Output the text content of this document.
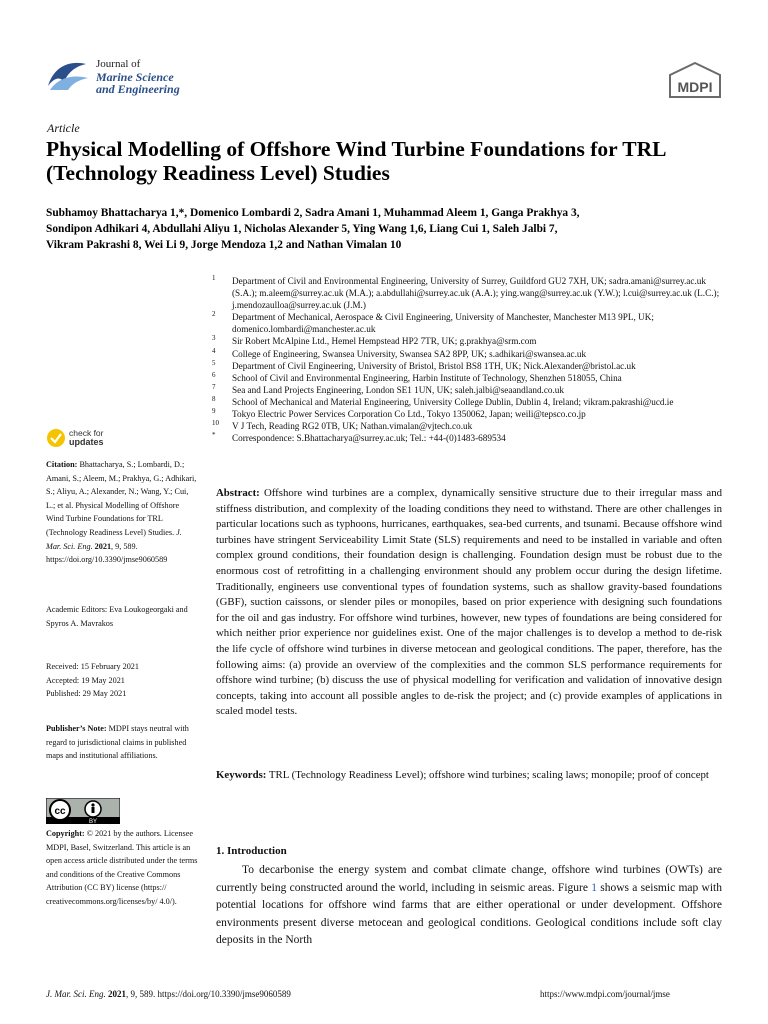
Journal of
Marine Science
and Engineering	MDPI
Article
Physical Modelling of Offshore Wind Turbine Foundations for TRL (Technology Readiness Level) Studies
Subhamoy Bhattacharya 1,*, Domenico Lombardi 2, Sadra Amani 1, Muhammad Aleem 1, Ganga Prakhya 3,
Sondipon Adhikari 4, Abdullahi Aliyu 1, Nicholas Alexander 5, Ying Wang 1,6, Liang Cui 1, Saleh Jalbi 7,
Vikram Pakrashi 8, Wei Li 9, Jorge Mendoza 1,2 and Nathan Vimalan 10
1 Department of Civil and Environmental Engineering, University of Surrey, Guildford GU2 7XH, UK; sadra.amani@surrey.ac.uk (S.A.); m.aleem@surrey.ac.uk (M.A.); a.abdullahi@surrey.ac.uk (A.A.); ying.wang@surrey.ac.uk (Y.W.); l.cui@surrey.ac.uk (L.C.); j.mendozaulloa@surrey.ac.uk (J.M.)
2 Department of Mechanical, Aerospace & Civil Engineering, University of Manchester, Manchester M13 9PL, UK; domenico.lombardi@manchester.ac.uk
3 Sir Robert McAlpine Ltd., Hemel Hempstead HP2 7TR, UK; g.prakhya@srm.com
4 College of Engineering, Swansea University, Swansea SA2 8PP, UK; s.adhikari@swansea.ac.uk
5 Department of Civil Engineering, University of Bristol, Bristol BS8 1TH, UK; Nick.Alexander@bristol.ac.uk
6 School of Civil and Environmental Engineering, Harbin Institute of Technology, Shenzhen 518055, China
7 Sea and Land Projects Engineering, London SE1 1UN, UK; saleh.jalbi@seaandland.co.uk
8 School of Mechanical and Material Engineering, University College Dublin, Dublin 4, Ireland; vikram.pakrashi@ucd.ie
9 Tokyo Electric Power Services Corporation Co Ltd., Tokyo 1350062, Japan; weili@tepsco.co.jp
10 V J Tech, Reading RG2 0TB, UK; Nathan.vimalan@vjtech.co.uk
* Correspondence: S.Bhattacharya@surrey.ac.uk; Tel.: +44-(0)1483-689534
check for
updates
Citation: Bhattacharya, S.; Lombardi, D.; Amani, S.; Aleem, M.; Prakhya, G.; Adhikari, S.; Aliyu, A.; Alexander, N.; Wang, Y.; Cui, L.; et al. Physical Modelling of Offshore Wind Turbine Foundations for TRL (Technology Readiness Level) Studies. J. Mar. Sci. Eng. 2021, 9, 589. https://doi.org/10.3390/jmse9060589
Academic Editors: Eva Loukogeorgaki and Spyros A. Mavrakos
Received: 15 February 2021
Accepted: 19 May 2021
Published: 29 May 2021
Publisher’s Note: MDPI stays neutral with regard to jurisdictional claims in published maps and institutional affiliations.
cc
BY
Copyright: © 2021 by the authors. Licensee MDPI, Basel, Switzerland. This article is an open access article distributed under the terms and conditions of the Creative Commons Attribution (CC BY) license (https:// creativecommons.org/licenses/by/ 4.0/).
Abstract: Offshore wind turbines are a complex, dynamically sensitive structure due to their irregular mass and stiffness distribution, and complexity of the loading conditions they need to withstand. There are other challenges in particular locations such as typhoons, hurricanes, earthquakes, sea-bed currents, and tsunami. Because offshore wind turbines have stringent Serviceability Limit State (SLS) requirements and need to be installed in variable and often complex ground conditions, their foundation design is challenging. Foundation design must be robust due to the enormous cost of retrofitting in a challenging environment should any problem occur during the design lifetime. Traditionally, engineers use conventional types of foundation systems, such as shallow gravity-based foundations (GBF), suction caissons, or slender piles or monopiles, based on prior experience with designing such foundations for the oil and gas industry. For offshore wind turbines, however, new types of foundations are being considered for which neither prior experience nor guidelines exist. One of the major challenges is to develop a method to de-risk the life cycle of offshore wind turbines in diverse metocean and geological conditions. The paper, therefore, has the following aims: (a) provide an overview of the complexities and the common SLS performance requirements for offshore wind turbine; (b) discuss the use of physical modelling for verification and validation of innovative design concepts, taking into account all possible angles to de-risk the project; and (c) provide examples of applications in scaled model tests.
Keywords: TRL (Technology Readiness Level); offshore wind turbines; scaling laws; monopile; proof of concept
1. Introduction
To decarbonise the energy system and combat climate change, offshore wind turbines (OWTs) are currently being constructed around the world, including in seismic areas. Figure 1 shows a seismic map with potential locations for offshore wind farms that are either operational or under development. Offshore environments present diverse metocean and geological conditions. Geological conditions include soft clay deposits in the North
J. Mar. Sci. Eng. 2021, 9, 589. https://doi.org/10.3390/jmse9060589	https://www.mdpi.com/journal/jmse
